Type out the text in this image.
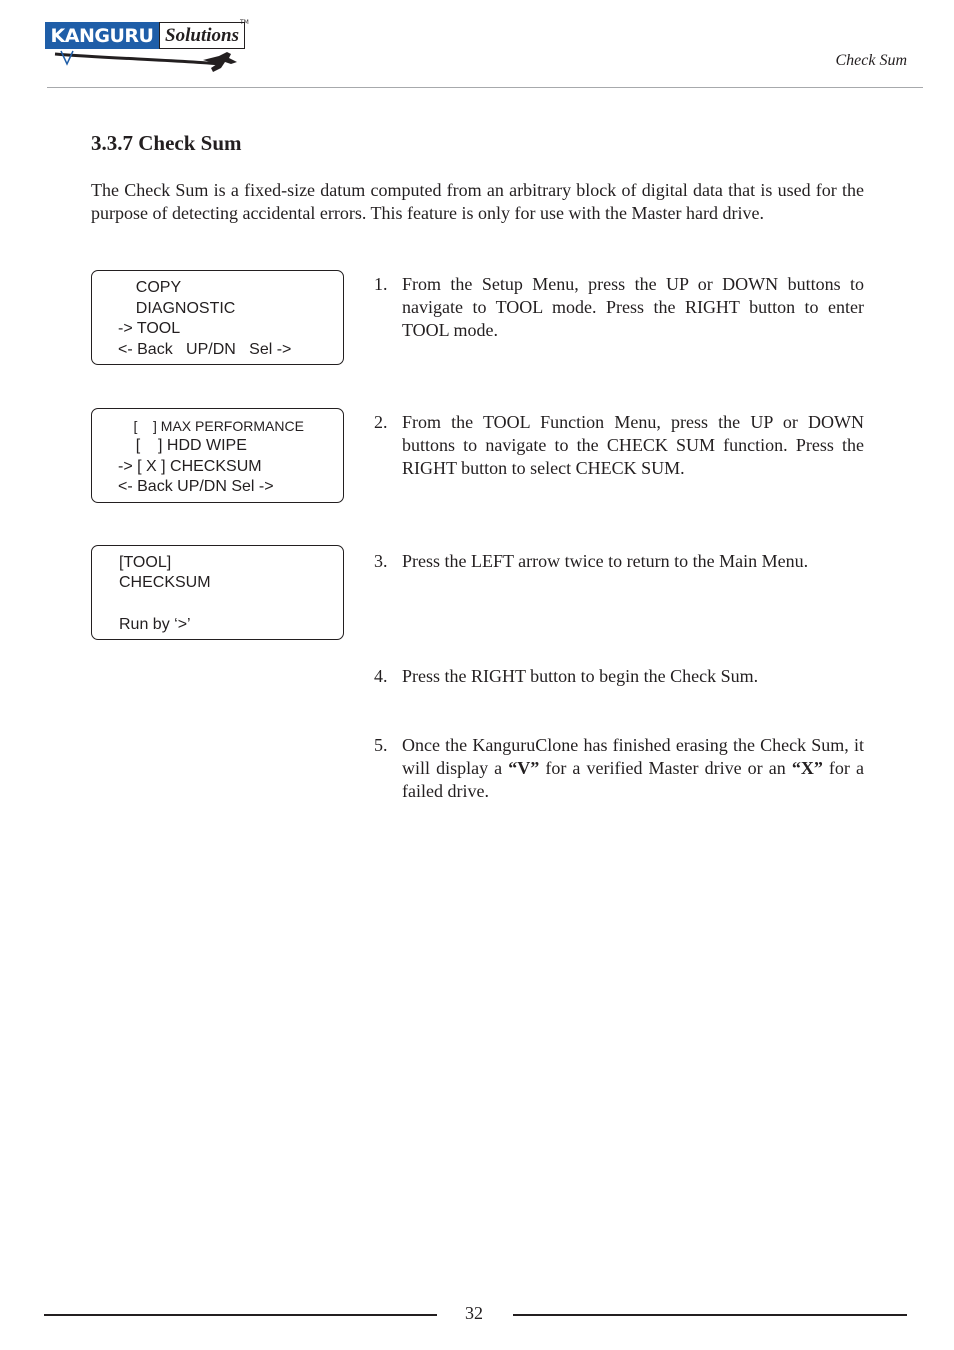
KANGURU Solutions
TM
Check Sum
3.3.7 Check Sum
The Check Sum is a fixed-size datum computed from an arbitrary block of digital data that is used for the purpose of detecting accidental errors. This feature is only for use with the Master hard drive.
COPY
DIAGNOSTIC
-> TOOL
<- Back   UP/DN   Sel ->
[    ] MAX PERFORMANCE
[    ] HDD WIPE
-> [ X ] CHECKSUM
<- Back UP/DN Sel ->
[TOOL]
CHECKSUM
Run by ‘>’
1. From the Setup Menu, press the UP or DOWN buttons to navigate to TOOL mode. Press the RIGHT button to enter TOOL mode.
2. From the TOOL Function Menu, press the UP or DOWN buttons to navigate to the CHECK SUM function. Press the RIGHT button to select CHECK SUM.
3. Press the LEFT arrow twice to return to the Main Menu.
4. Press the RIGHT button to begin the Check Sum.
5. Once the KanguruClone has finished erasing the Check Sum, it will display a “V” for a verified Master drive or an “X” for a failed drive.
32
